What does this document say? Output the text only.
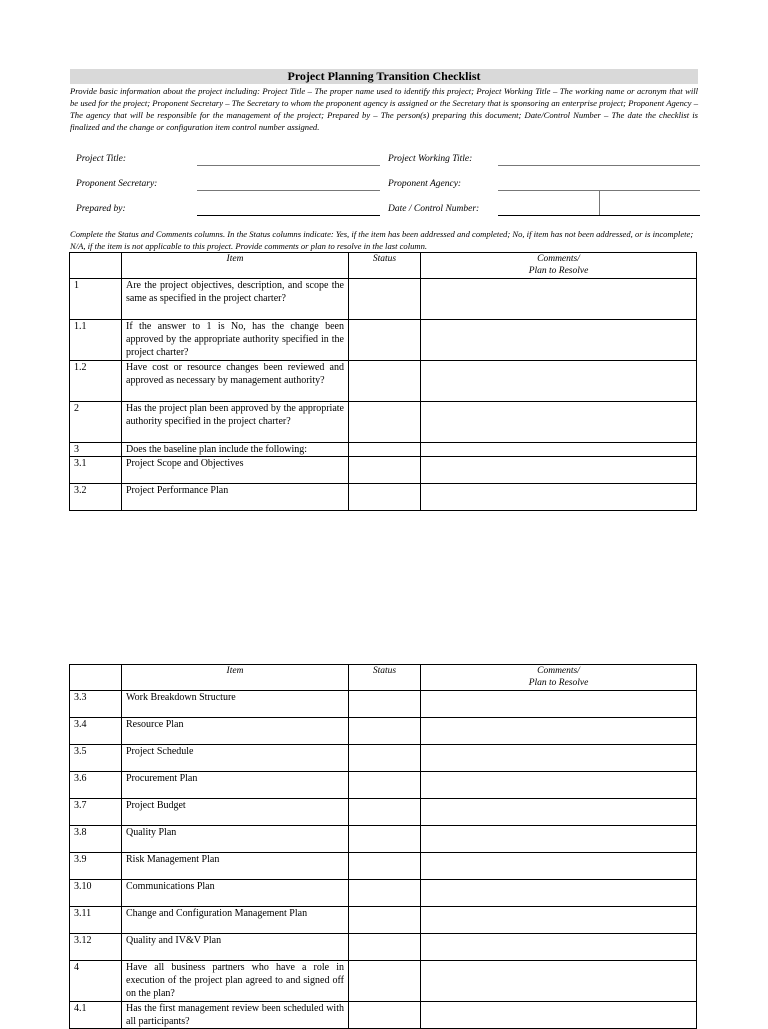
Project Planning Transition Checklist
Provide basic information about the project including: Project Title – The proper name used to identify this project; Project Working Title – The working name or acronym that will be used for the project; Proponent Secretary – The Secretary to whom the proponent agency is assigned or the Secretary that is sponsoring an enterprise project; Proponent Agency – The agency that will be responsible for the management of the project; Prepared by – The person(s) preparing this document; Date/Control Number – The date the checklist is finalized and the change or configuration item control number assigned.
Project Title:	Project Working Title:
Proponent Secretary:	Proponent Agency:
Prepared by:	Date / Control Number:
Complete the Status and Comments columns. In the Status columns indicate: Yes, if the item has been addressed and completed; No, if item has not been addressed, or is incomplete; N/A, if the item is not applicable to this project. Provide comments or plan to resolve in the last column.
	Item	Status	Comments/
Plan to Resolve
1	Are the project objectives, description, and scope the same as specified in the project charter?		
1.1	If the answer to 1 is No, has the change been approved by the appropriate authority specified in the project charter?		
1.2	Have cost or resource changes been reviewed and approved as necessary by management authority?		
2	Has the project plan been approved by the appropriate authority specified in the project charter?		
3	Does the baseline plan include the following:		
3.1	Project Scope and Objectives		
3.2	Project Performance Plan		
	Item	Status	Comments/
Plan to Resolve
3.3	Work Breakdown Structure		
3.4	Resource Plan		
3.5	Project Schedule		
3.6	Procurement Plan		
3.7	Project Budget		
3.8	Quality Plan		
3.9	Risk Management Plan		
3.10	Communications Plan		
3.11	Change and Configuration Management Plan		
3.12	Quality and IV&V Plan		
4	Have all business partners who have a role in execution of the project plan agreed to and signed off on the plan?		
4.1	Has the first management review been scheduled with all participants?		
